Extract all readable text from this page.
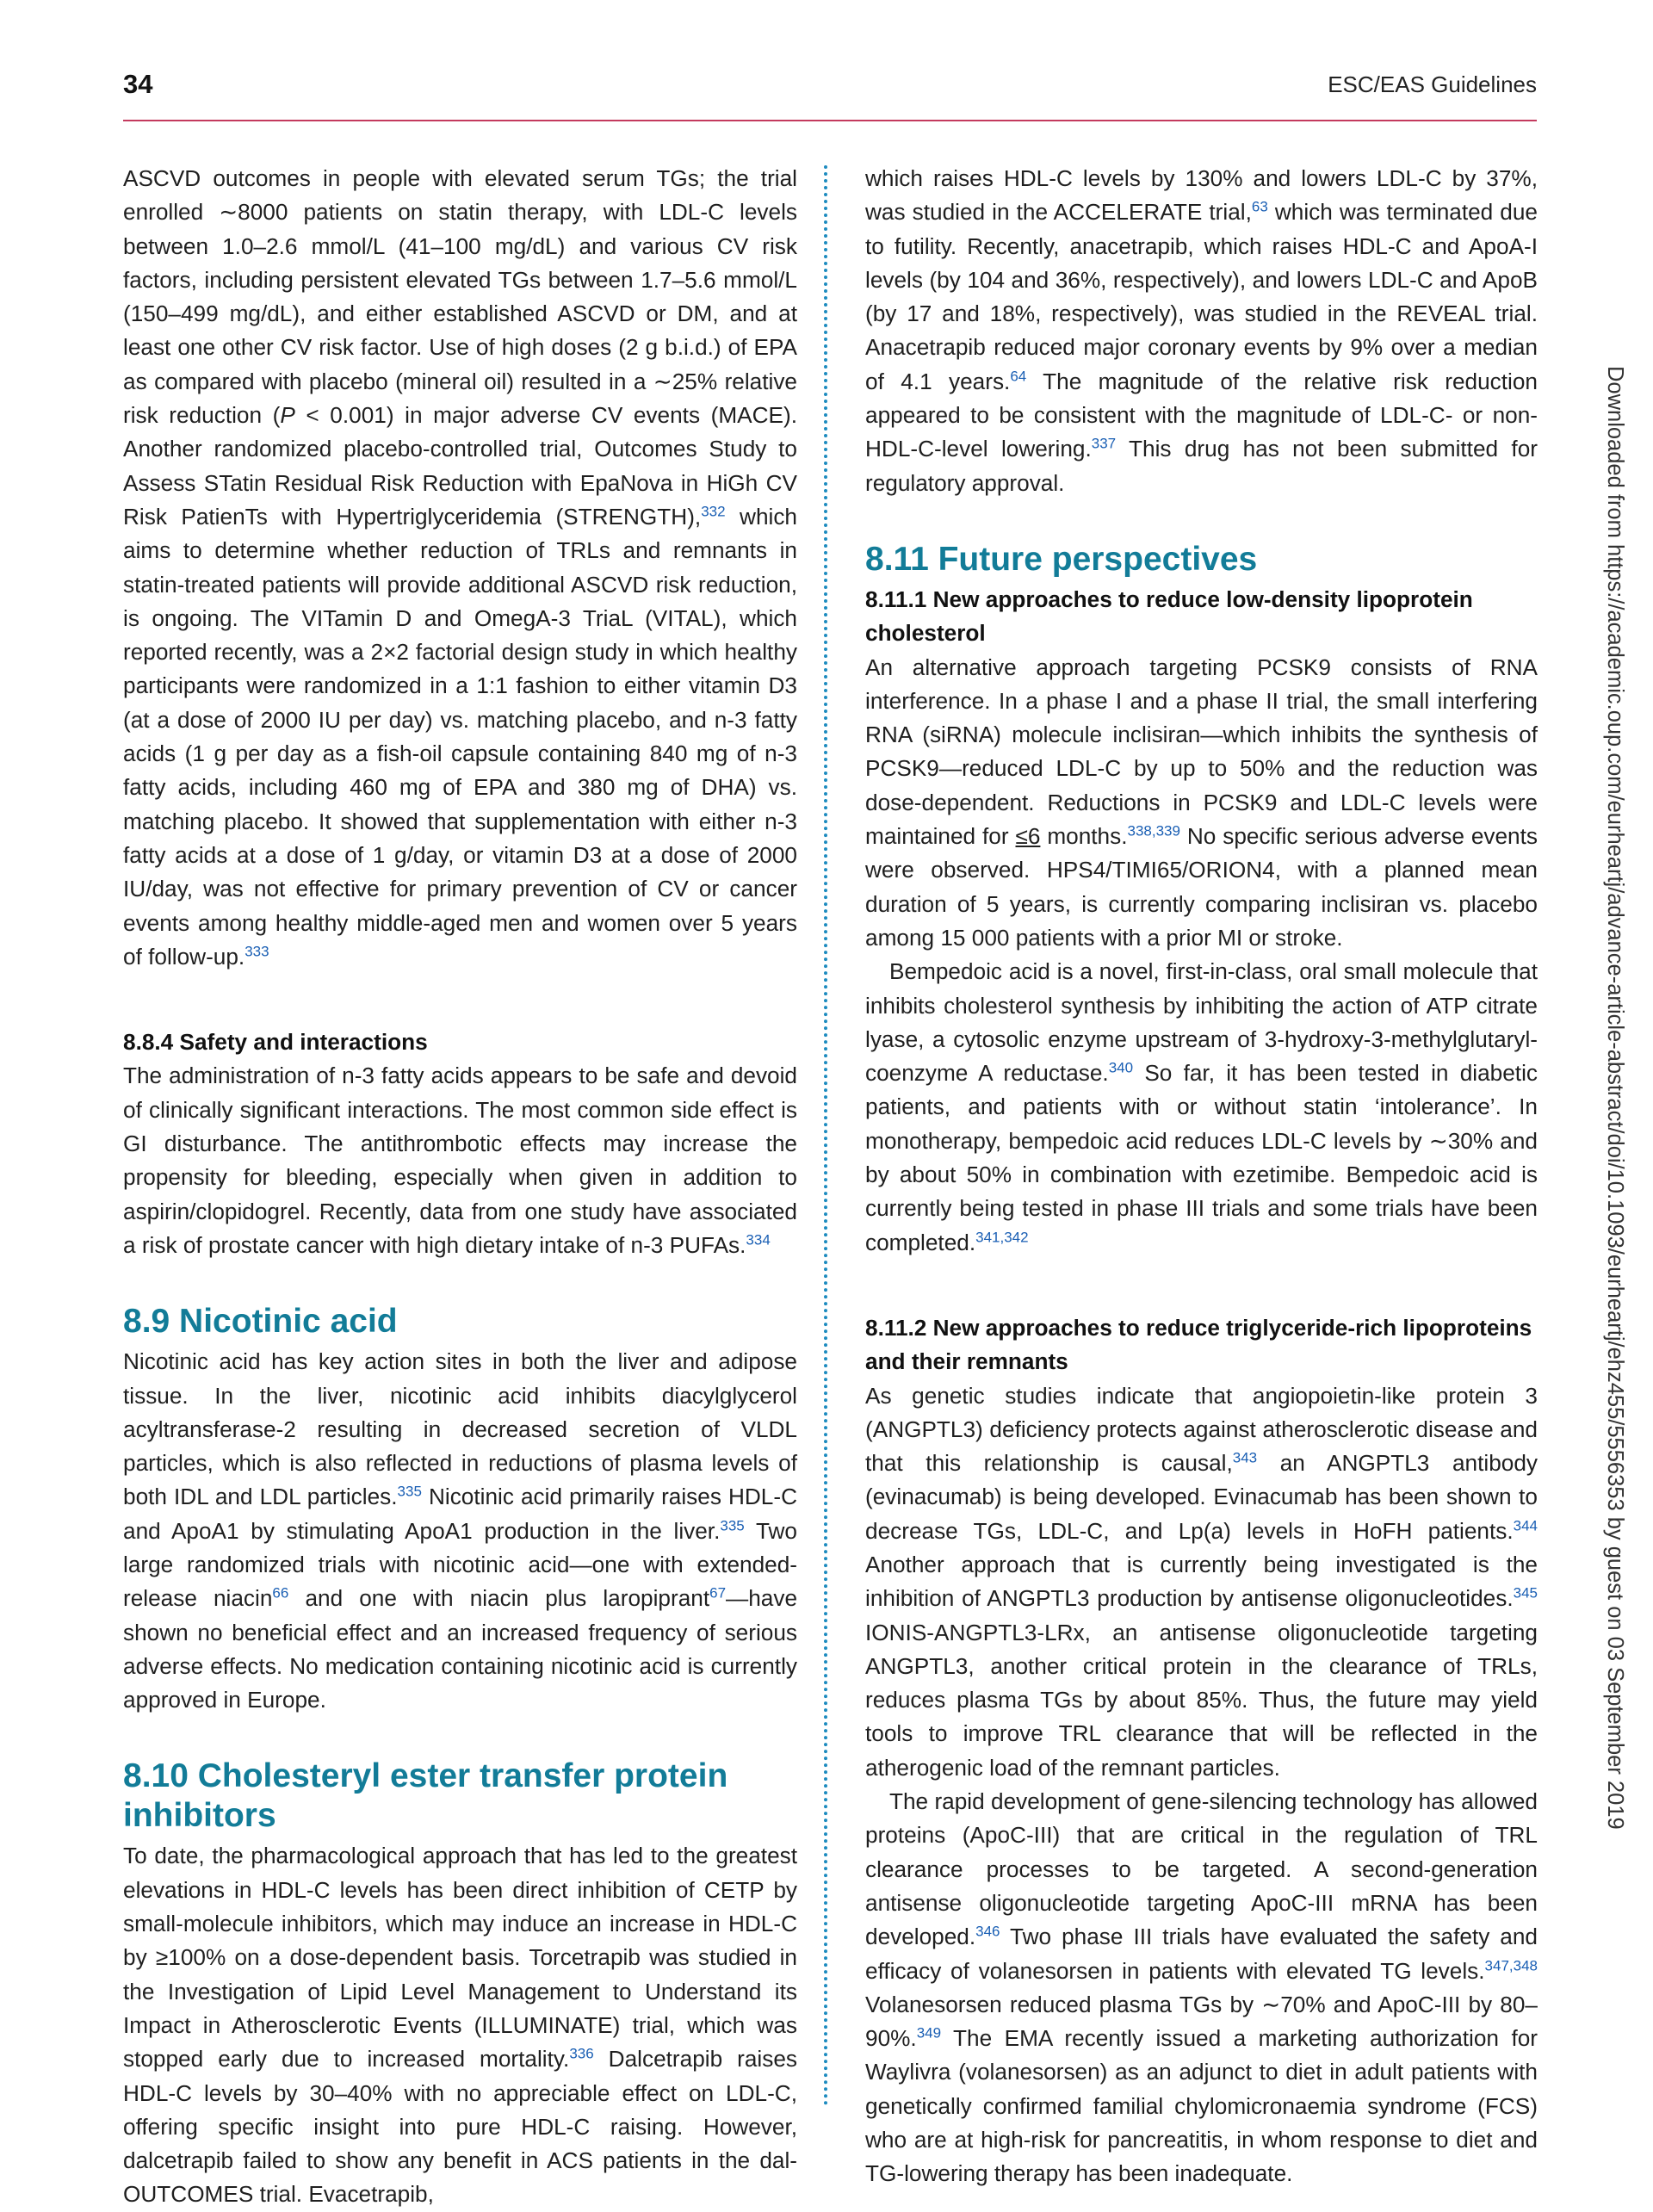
34	ESC/EAS Guidelines
Downloaded from https://academic.oup.com/eurheartj/advance-article-abstract/doi/10.1093/eurheartj/ehz455/5556353 by guest on 03 September 2019

ASCVD outcomes in people with elevated serum TGs; the trial enrolled ∼8000 patients on statin therapy, with LDL-C levels between 1.0–2.6 mmol/L (41–100 mg/dL) and various CV risk factors, including persistent elevated TGs between 1.7–5.6 mmol/L (150–499 mg/dL), and either established ASCVD or DM, and at least one other CV risk factor. Use of high doses (2 g b.i.d.) of EPA as compared with placebo (mineral oil) resulted in a ∼25% relative risk reduction (P < 0.001) in major adverse CV events (MACE). Another randomized placebo-controlled trial, Outcomes Study to Assess STatin Residual Risk Reduction with EpaNova in HiGh CV Risk PatienTs with Hypertriglyceridemia (STRENGTH),$^{332}$ which aims to determine whether reduction of TRLs and remnants in statin-treated patients will provide additional ASCVD risk reduction, is ongoing. The VITamin D and OmegA-3 TriaL (VITAL), which reported recently, was a 2×2 factorial design study in which healthy participants were randomized in a 1:1 fashion to either vitamin D3 (at a dose of 2000 IU per day) vs. matching placebo, and n-3 fatty acids (1 g per day as a fish-oil capsule containing 840 mg of n-3 fatty acids, including 460 mg of EPA and 380 mg of DHA) vs. matching placebo. It showed that supplementation with either n-3 fatty acids at a dose of 1 g/day, or vitamin D3 at a dose of 2000 IU/day, was not effective for primary prevention of CV or cancer events among healthy middle-aged men and women over 5 years of follow-up.$^{333}$

8.8.4 Safety and interactions

The administration of n-3 fatty acids appears to be safe and devoid of clinically significant interactions. The most common side effect is GI disturbance. The antithrombotic effects may increase the propensity for bleeding, especially when given in addition to aspirin/clopidogrel. Recently, data from one study have associated a risk of prostate cancer with high dietary intake of n-3 PUFAs.$^{334}$

8.9 Nicotinic acid

Nicotinic acid has key action sites in both the liver and adipose tissue. In the liver, nicotinic acid inhibits diacylglycerol acyltransferase-2 resulting in decreased secretion of VLDL particles, which is also reflected in reductions of plasma levels of both IDL and LDL particles.$^{335}$ Nicotinic acid primarily raises HDL-C and ApoA1 by stimulating ApoA1 production in the liver.$^{335}$ Two large randomized trials with nicotinic acid—one with extended-release niacin$^{66}$ and one with niacin plus laropiprant$^{67}$—have shown no beneficial effect and an increased frequency of serious adverse effects. No medication containing nicotinic acid is currently approved in Europe.

8.10 Cholesteryl ester transfer protein inhibitors

To date, the pharmacological approach that has led to the greatest elevations in HDL-C levels has been direct inhibition of CETP by small-molecule inhibitors, which may induce an increase in HDL-C by ≥100% on a dose-dependent basis. Torcetrapib was studied in the Investigation of Lipid Level Management to Understand its Impact in Atherosclerotic Events (ILLUMINATE) trial, which was stopped early due to increased mortality.$^{336}$ Dalcetrapib raises HDL-C levels by 30–40% with no appreciable effect on LDL-C, offering specific insight into pure HDL-C raising. However, dalcetrapib failed to show any benefit in ACS patients in the dal-OUTCOMES trial. Evacetrapib,

which raises HDL-C levels by 130% and lowers LDL-C by 37%, was studied in the ACCELERATE trial,$^{63}$ which was terminated due to futility. Recently, anacetrapib, which raises HDL-C and ApoA-I levels (by 104 and 36%, respectively), and lowers LDL-C and ApoB (by 17 and 18%, respectively), was studied in the REVEAL trial. Anacetrapib reduced major coronary events by 9% over a median of 4.1 years.$^{64}$ The magnitude of the relative risk reduction appeared to be consistent with the magnitude of LDL-C- or non-HDL-C-level lowering.$^{337}$ This drug has not been submitted for regulatory approval.

8.11 Future perspectives
8.11.1 New approaches to reduce low-density lipoprotein cholesterol

An alternative approach targeting PCSK9 consists of RNA interference. In a phase I and a phase II trial, the small interfering RNA (siRNA) molecule inclisiran—which inhibits the synthesis of PCSK9—reduced LDL-C by up to 50% and the reduction was dose-dependent. Reductions in PCSK9 and LDL-C levels were maintained for ≤6 months.$^{338,339}$ No specific serious adverse events were observed. HPS4/TIMI65/ORION4, with a planned mean duration of 5 years, is currently comparing inclisiran vs. placebo among 15 000 patients with a prior MI or stroke.

Bempedoic acid is a novel, first-in-class, oral small molecule that inhibits cholesterol synthesis by inhibiting the action of ATP citrate lyase, a cytosolic enzyme upstream of 3-hydroxy-3-methylglutaryl-coenzyme A reductase.$^{340}$ So far, it has been tested in diabetic patients, and patients with or without statin ‘intolerance’. In monotherapy, bempedoic acid reduces LDL-C levels by ∼30% and by about 50% in combination with ezetimibe. Bempedoic acid is currently being tested in phase III trials and some trials have been completed.$^{341,342}$

8.11.2 New approaches to reduce triglyceride-rich lipoproteins and their remnants

As genetic studies indicate that angiopoietin-like protein 3 (ANGPTL3) deficiency protects against atherosclerotic disease and that this relationship is causal,$^{343}$ an ANGPTL3 antibody (evinacumab) is being developed. Evinacumab has been shown to decrease TGs, LDL-C, and Lp(a) levels in HoFH patients.$^{344}$ Another approach that is currently being investigated is the inhibition of ANGPTL3 production by antisense oligonucleotides.$^{345}$ IONIS-ANGPTL3-LRx, an antisense oligonucleotide targeting ANGPTL3, another critical protein in the clearance of TRLs, reduces plasma TGs by about 85%. Thus, the future may yield tools to improve TRL clearance that will be reflected in the atherogenic load of the remnant particles.

The rapid development of gene-silencing technology has allowed proteins (ApoC-III) that are critical in the regulation of TRL clearance processes to be targeted. A second-generation antisense oligonucleotide targeting ApoC-III mRNA has been developed.$^{346}$ Two phase III trials have evaluated the safety and efficacy of volanesorsen in patients with elevated TG levels.$^{347,348}$ Volanesorsen reduced plasma TGs by ∼70% and ApoC-III by 80–90%.$^{349}$ The EMA recently issued a marketing authorization for Waylivra (volanesorsen) as an adjunct to diet in adult patients with genetically confirmed familial chylomicronaemia syndrome (FCS) who are at high-risk for pancreatitis, in whom response to diet and TG-lowering therapy has been inadequate.
